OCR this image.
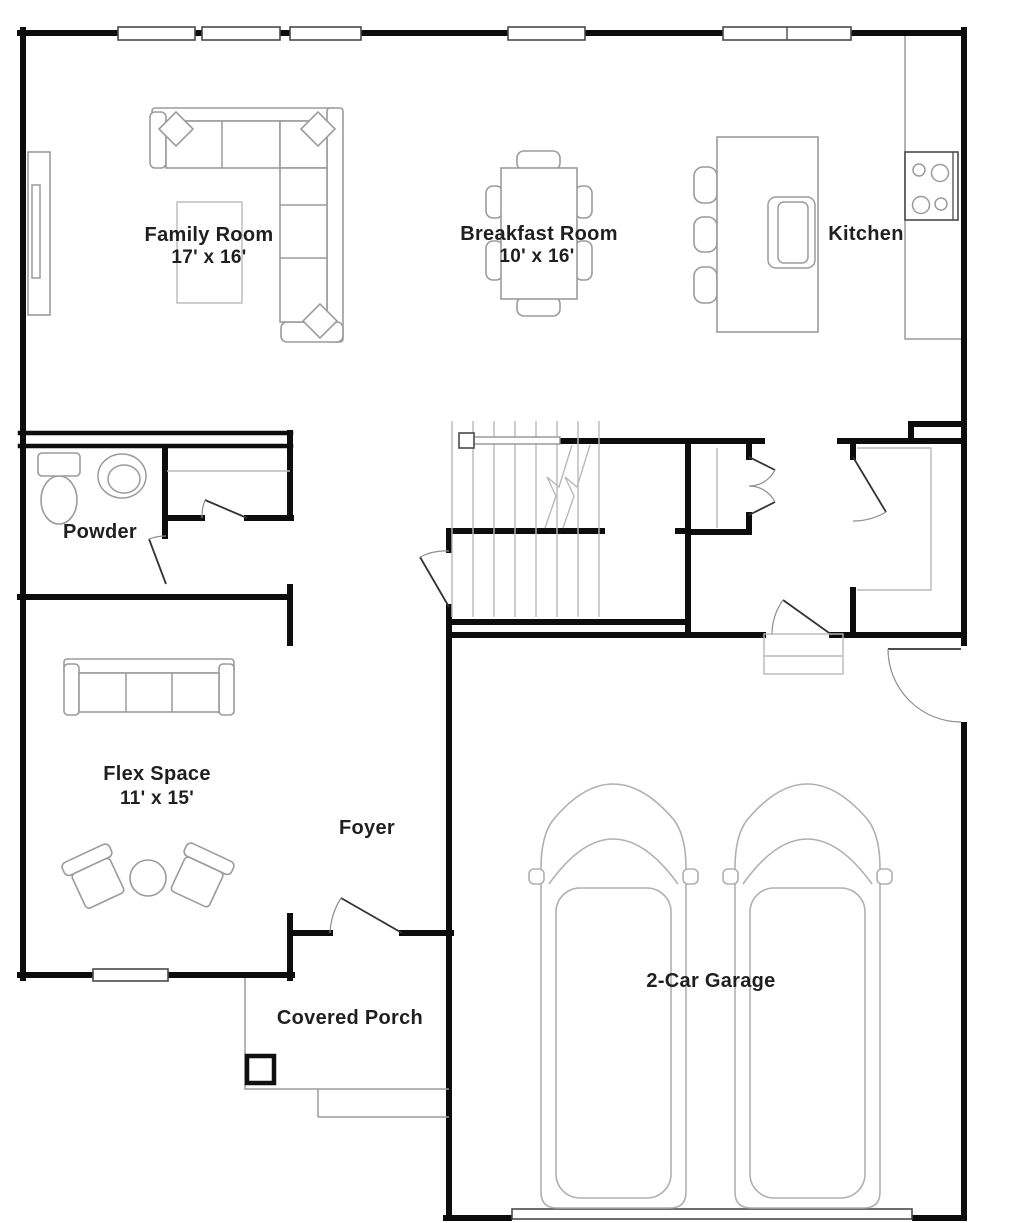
Family Room
17' x 16'
Breakfast Room
10' x 16'
Kitchen
Powder
Flex Space
11' x 15'
Foyer
2-Car Garage
Covered Porch
